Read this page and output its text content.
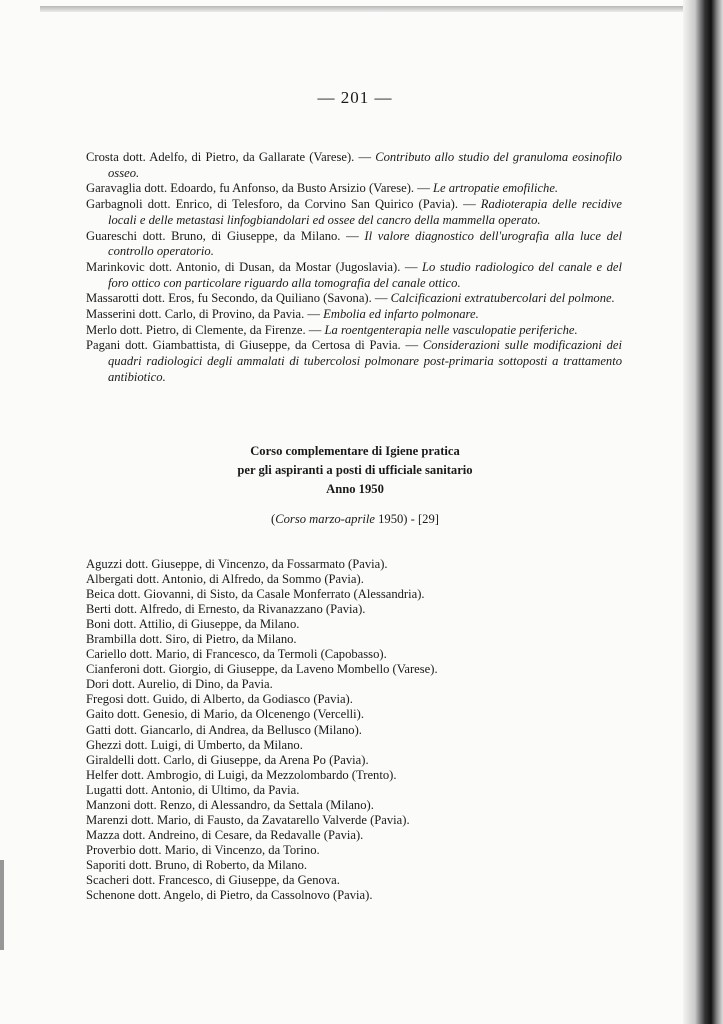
— 201 —
Crosta dott. Adelfo, di Pietro, da Gallarate (Varese). — Contributo allo studio del granuloma eosinofilo osseo.
Garavaglia dott. Edoardo, fu Anfonso, da Busto Arsizio (Varese). — Le artropatie emofiliche.
Garbagnoli dott. Enrico, di Telesforo, da Corvino San Quirico (Pavia). — Radioterapia delle recidive locali e delle metastasi linfogbiandolari ed ossee del cancro della mammella operato.
Guareschi dott. Bruno, di Giuseppe, da Milano. — Il valore diagnostico dell'urografia alla luce del controllo operatorio.
Marinkovic dott. Antonio, di Dusan, da Mostar (Jugoslavia). — Lo studio radiologico del canale e del foro ottico con particolare riguardo alla tomografia del canale ottico.
Massarotti dott. Eros, fu Secondo, da Quiliano (Savona). — Calcificazioni extratubercolari del polmone.
Masserini dott. Carlo, di Provino, da Pavia. — Embolia ed infarto polmonare.
Merlo dott. Pietro, di Clemente, da Firenze. — La roentgenterapia nelle vasculopatie periferiche.
Pagani dott. Giambattista, di Giuseppe, da Certosa di Pavia. — Considerazioni sulle modificazioni dei quadri radiologici degli ammalati di tubercolosi polmonare post-primaria sottoposti a trattamento antibiotico.
Corso complementare di Igiene pratica
per gli aspiranti a posti di ufficiale sanitario
Anno 1950
(Corso marzo-aprile 1950) - [29]
Aguzzi dott. Giuseppe, di Vincenzo, da Fossarmato (Pavia).
Albergati dott. Antonio, di Alfredo, da Sommo (Pavia).
Beica dott. Giovanni, di Sisto, da Casale Monferrato (Alessandria).
Berti dott. Alfredo, di Ernesto, da Rivanazzano (Pavia).
Boni dott. Attilio, di Giuseppe, da Milano.
Brambilla dott. Siro, di Pietro, da Milano.
Cariello dott. Mario, di Francesco, da Termoli (Capobasso).
Cianferoni dott. Giorgio, di Giuseppe, da Laveno Mombello (Varese).
Dori dott. Aurelio, di Dino, da Pavia.
Fregosi dott. Guido, di Alberto, da Godiasco (Pavia).
Gaito dott. Genesio, di Mario, da Olcenengo (Vercelli).
Gatti dott. Giancarlo, di Andrea, da Bellusco (Milano).
Ghezzi dott. Luigi, di Umberto, da Milano.
Giraldelli dott. Carlo, di Giuseppe, da Arena Po (Pavia).
Helfer dott. Ambrogio, di Luigi, da Mezzolombardo (Trento).
Lugatti dott. Antonio, di Ultimo, da Pavia.
Manzoni dott. Renzo, di Alessandro, da Settala (Milano).
Marenzi dott. Mario, di Fausto, da Zavatarello Valverde (Pavia).
Mazza dott. Andreino, di Cesare, da Redavalle (Pavia).
Proverbio dott. Mario, di Vincenzo, da Torino.
Saporiti dott. Bruno, di Roberto, da Milano.
Scacheri dott. Francesco, di Giuseppe, da Genova.
Schenone dott. Angelo, di Pietro, da Cassolnovo (Pavia).
